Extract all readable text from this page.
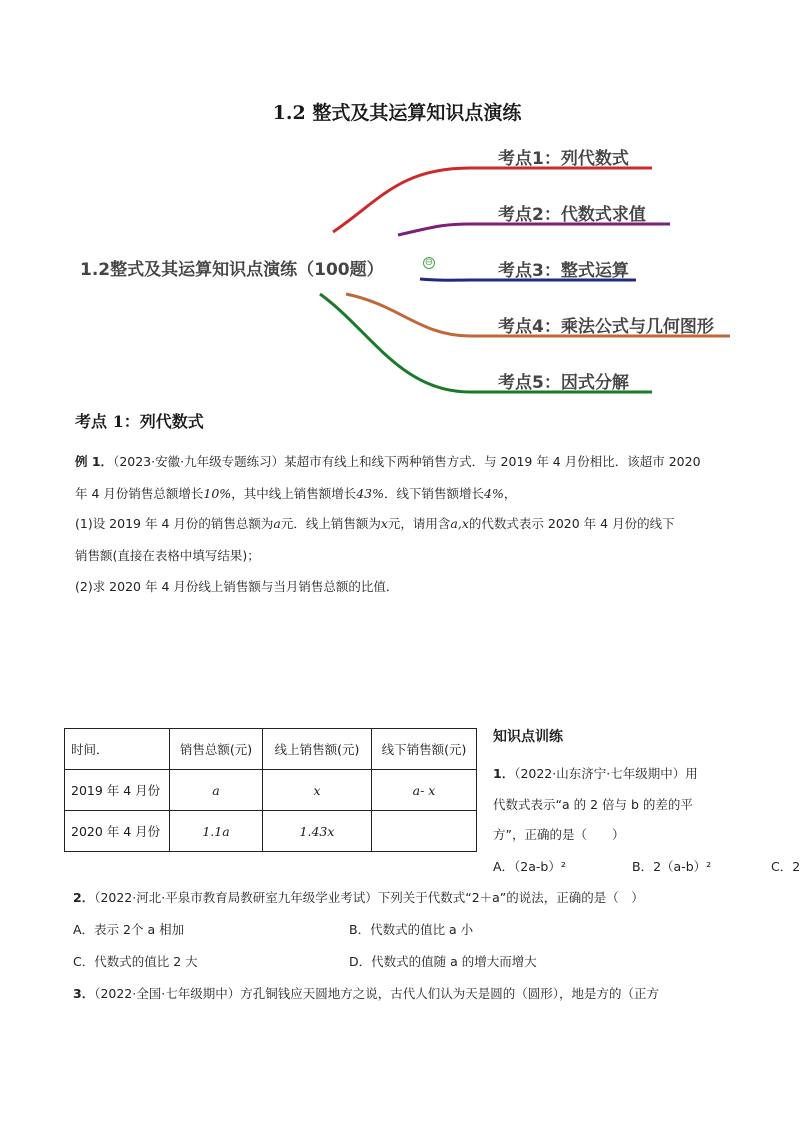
1.2 整式及其运算知识点演练
1.2整式及其运算知识点演练（100题）	⊖
考点1：列代数式
考点2：代数式求值
考点3：整式运算
考点4：乘法公式与几何图形
考点5：因式分解
考点 1：列代数式
例 1．（2023·安徽·九年级专题练习）某超市有线上和线下两种销售方式．与 2019 年 4 月份相比．该超市 2020
年 4 月份销售总额增长10%，其中线上销售额增长43%．线下销售额增长4%，
(1)设 2019 年 4 月份的销售总额为a元．线上销售额为x元，请用含a,x的代数式表示 2020 年 4 月份的线下
销售额(直接在表格中填写结果)；
(2)求 2020 年 4 月份线上销售额与当月销售总额的比值．
时间．	销售总额(元)	线上销售额(元)	线下销售额(元)
2019 年 4 月份	a	x	a- x
2020 年 4 月份	1.1a	1.43x	
知识点训练
1．（2022·山东济宁·七年级期中）用
代数式表示“a 的 2 倍与 b 的差的平
方”，正确的是（　　）
A．（2a-b）²	B．2（a-b）²	C．2
2．（2022·河北·平泉市教育局教研室九年级学业考试）下列关于代数式“2＋a”的说法，正确的是（　）
A．表示 2个 a 相加	B．代数式的值比 a 小
C．代数式的值比 2 大	D．代数式的值随 a 的增大而增大
3．（2022·全国·七年级期中）方孔铜钱应天圆地方之说，古代人们认为天是圆的（圆形），地是方的（正方
